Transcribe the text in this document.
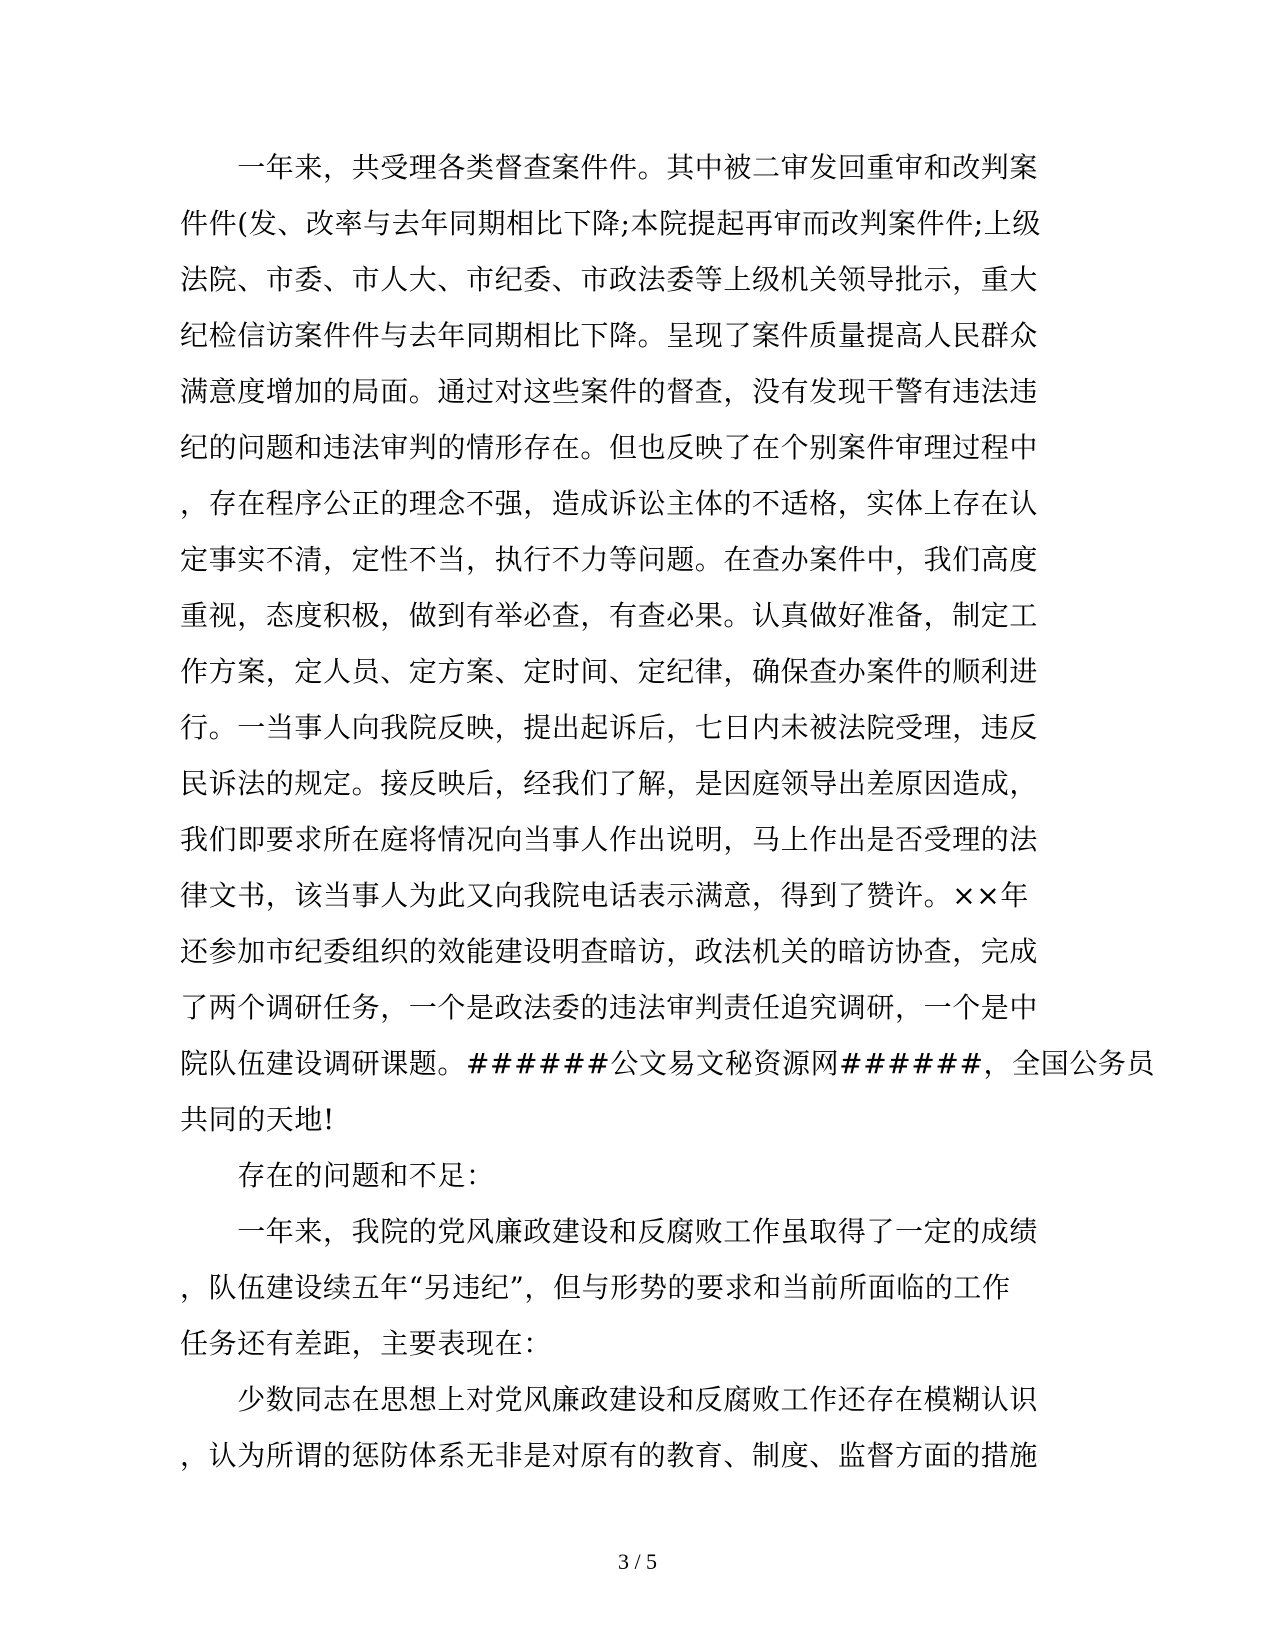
　　一年来，共受理各类督查案件件。其中被二审发回重审和改判案
件件(发、改率与去年同期相比下降;本院提起再审而改判案件件;上级
法院、市委、市人大、市纪委、市政法委等上级机关领导批示，重大
纪检信访案件件与去年同期相比下降。呈现了案件质量提高人民群众
满意度增加的局面。通过对这些案件的督查，没有发现干警有违法违
纪的问题和违法审判的情形存在。但也反映了在个别案件审理过程中
，存在程序公正的理念不强，造成诉讼主体的不适格，实体上存在认
定事实不清，定性不当，执行不力等问题。在查办案件中，我们高度
重视，态度积极，做到有举必查，有查必果。认真做好准备，制定工
作方案，定人员、定方案、定时间、定纪律，确保查办案件的顺利进
行。一当事人向我院反映，提出起诉后，七日内未被法院受理，违反
民诉法的规定。接反映后，经我们了解，是因庭领导出差原因造成，
我们即要求所在庭将情况向当事人作出说明，马上作出是否受理的法
律文书，该当事人为此又向我院电话表示满意，得到了赞许。××年
还参加市纪委组织的效能建设明查暗访，政法机关的暗访协查，完成
了两个调研任务，一个是政法委的违法审判责任追究调研，一个是中
院队伍建设调研课题。######公文易文秘资源网######，全国公务员
共同的天地!
　　存在的问题和不足：
　　一年来，我院的党风廉政建设和反腐败工作虽取得了一定的成绩
，队伍建设续五年“另违纪”，但与形势的要求和当前所面临的工作
任务还有差距，主要表现在：
　　少数同志在思想上对党风廉政建设和反腐败工作还存在模糊认识
，认为所谓的惩防体系无非是对原有的教育、制度、监督方面的措施
3 / 5
